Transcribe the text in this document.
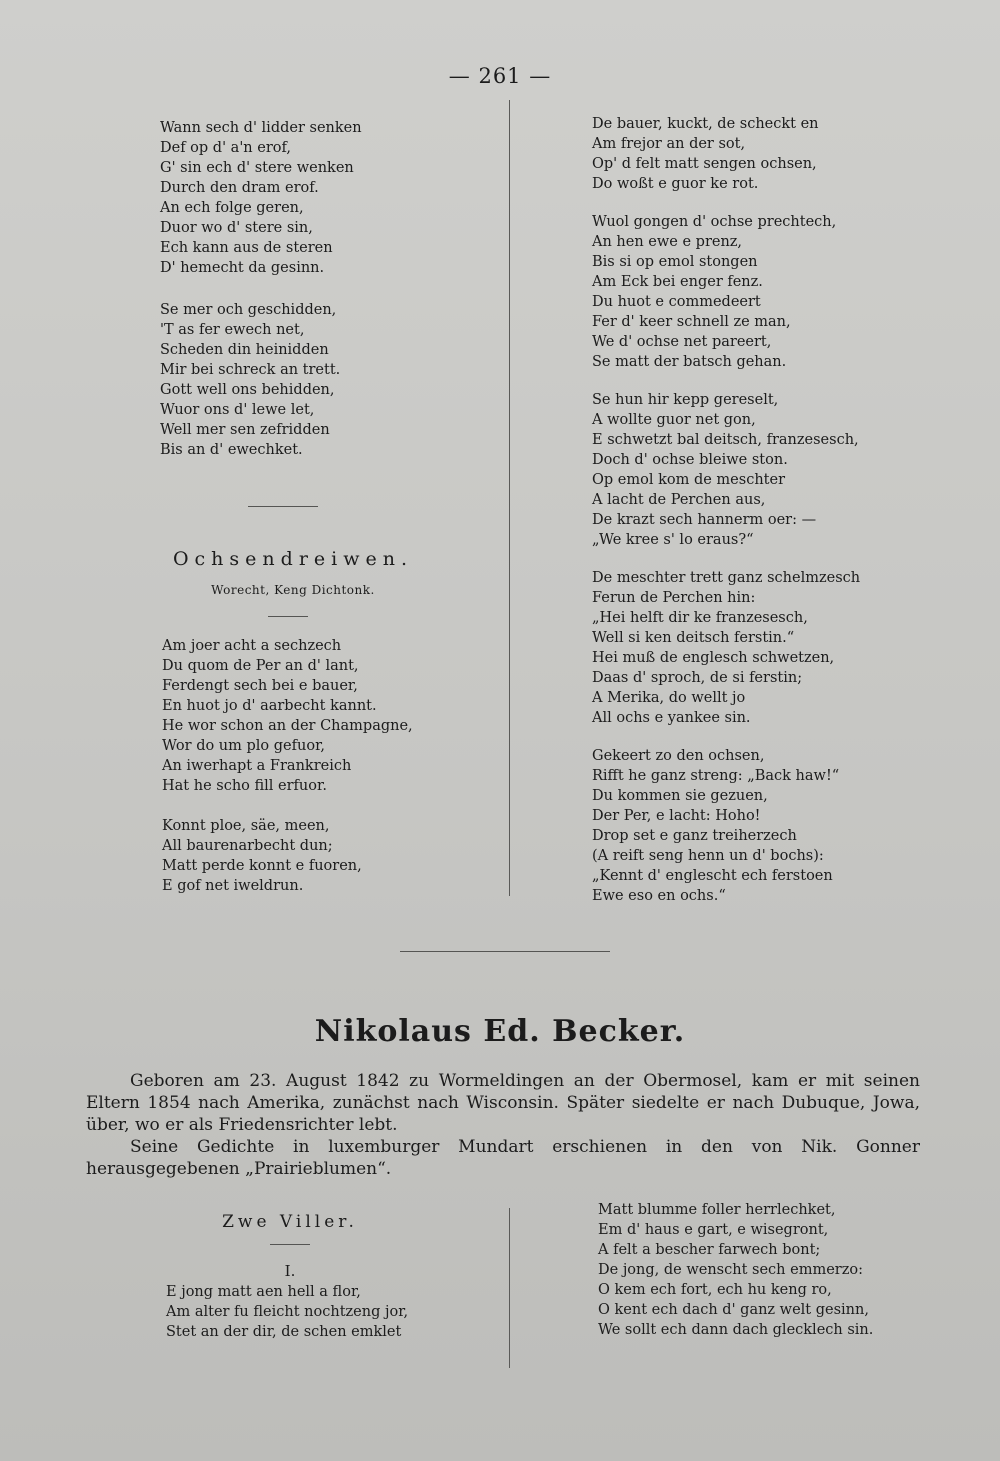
— 261 —
Wann sech d' lidder senken
Def op d' a'n erof,
G' sin ech d' stere wenken
Durch den dram erof.
An ech folge geren,
Duor wo d' stere sin,
Ech kann aus de steren
D' hemecht da gesinn.
Se mer och geschidden,
'T as fer ewech net,
Scheden din heinidden
Mir bei schreck an trett.
Gott well ons behidden,
Wuor ons d' lewe let,
Well mer sen zefridden
Bis an d' ewechket.
Ochsendreiwen.
Worecht, Keng Dichtonk.
Am joer acht a sechzech
Du quom de Per an d' lant,
Ferdengt sech bei e bauer,
En huot jo d' aarbecht kannt.
He wor schon an der Champagne,
Wor do um plo gefuor,
An iwerhapt a Frankreich
Hat he scho fill erfuor.
Konnt ploe, säe, meen,
All baurenarbecht dun;
Matt perde konnt e fuoren,
E gof net iweldrun.
De bauer, kuckt, de scheckt en
Am frejor an der sot,
Op' d felt matt sengen ochsen,
Do woßt e guor ke rot.
Wuol gongen d' ochse prechtech,
An hen ewe e prenz,
Bis si op emol stongen
Am Eck bei enger fenz.
Du huot e commedeert
Fer d' keer schnell ze man,
We d' ochse net pareert,
Se matt der batsch gehan.
Se hun hir kepp gereselt,
A wollte guor net gon,
E schwetzt bal deitsch, franzesesch,
Doch d' ochse bleiwe ston.
Op emol kom de meschter
A lacht de Perchen aus,
De krazt sech hannerm oer: —
„We kree s' lo eraus?“
De meschter trett ganz schelmzesch
Ferun de Perchen hin:
„Hei helft dir ke franzesesch,
Well si ken deitsch ferstin.“
Hei muß de englesch schwetzen,
Daas d' sproch, de si ferstin;
A Merika, do wellt jo
All ochs e yankee sin.
Gekeert zo den ochsen,
Rifft he ganz streng: „Back haw!“
Du kommen sie gezuen,
Der Per, e lacht: Hoho!
Drop set e ganz treiherzech
(A reift seng henn un d' bochs):
„Kennt d' englescht ech ferstoen
Ewe eso en ochs.“
Nikolaus Ed. Becker.

Geboren am 23. August 1842 zu Wormeldingen an der Obermosel, kam er mit seinen Eltern 1854 nach Amerika, zunächst nach Wisconsin. Später siedelte er nach Dubuque, Jowa, über, wo er als Friedensrichter lebt.

Seine Gedichte in luxemburger Mundart erschienen in den von Nik. Gonner herausgegebenen „Prairieblumen“.

Zwe Viller.
I.
E jong matt aen hell a flor,
Am alter fu fleicht nochtzeng jor,
Stet an der dir, de schen emklet
Matt blumme foller herrlechket,
Em d' haus e gart, e wisegront,
A felt a bescher farwech bont;
De jong, de wenscht sech emmerzo:
O kem ech fort, ech hu keng ro,
O kent ech dach d' ganz welt gesinn,
We sollt ech dann dach glecklech sin.
